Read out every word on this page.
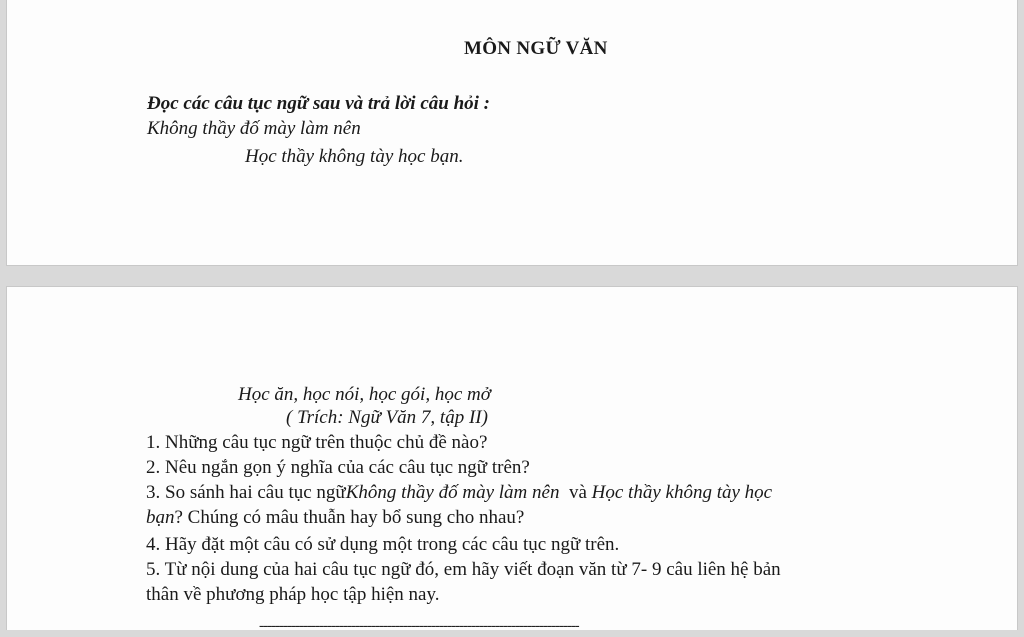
MÔN NGỮ VĂN
Đọc các câu tục ngữ sau và trả lời câu hỏi :
Không thầy đố mày làm nên
Học thầy không tày học bạn.
Học ăn, học nói, học gói, học mở
( Trích: Ngữ Văn 7, tập II)
1. Những câu tục ngữ trên thuộc chủ đề nào?
2. Nêu ngắn gọn ý nghĩa của các câu tục ngữ trên?
3. So sánh hai câu tục ngữKhông thầy đố mày làm nên  và Học thầy không tày học
bạn? Chúng có mâu thuẫn hay bổ sung cho nhau?
4. Hãy đặt một câu có sử dụng một trong các câu tục ngữ trên.
5. Từ nội dung của hai câu tục ngữ đó, em hãy viết đoạn văn từ 7- 9 câu liên hệ bản
thân về phương pháp học tập hiện nay.
--------------------------------------------------------------------------------
